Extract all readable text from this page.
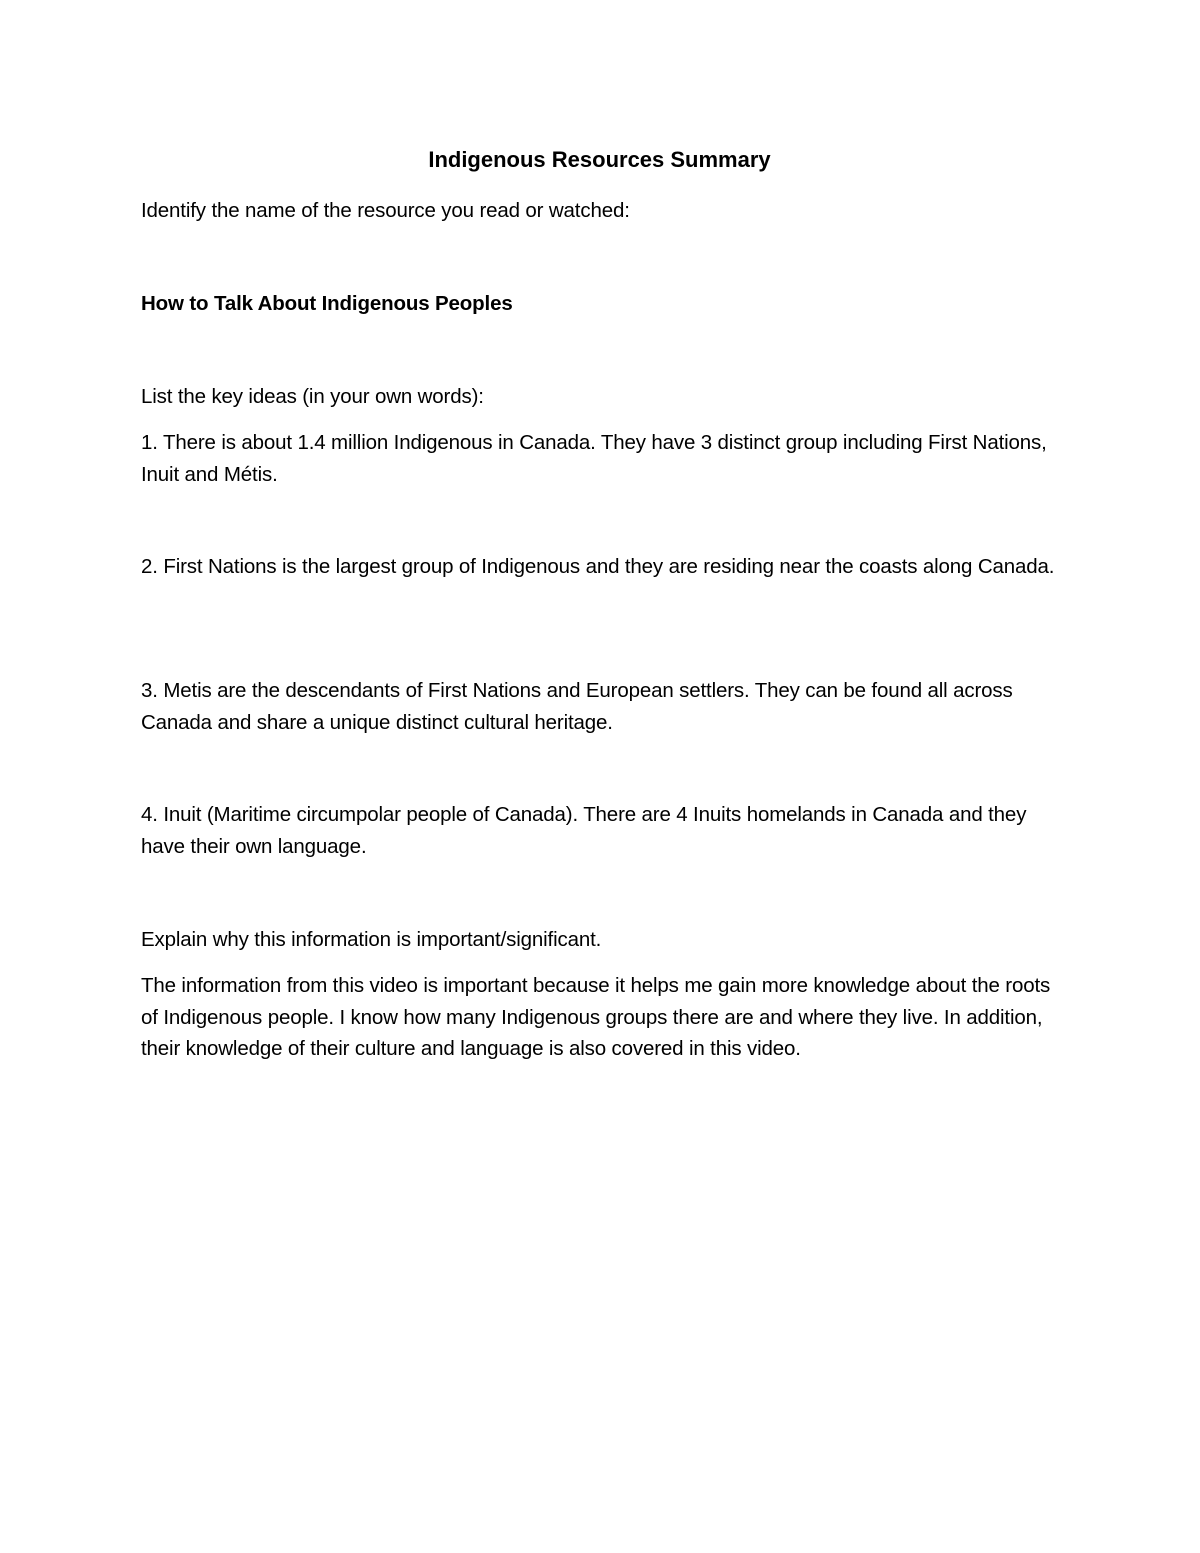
Indigenous Resources Summary

Identify the name of the resource you read or watched:

How to Talk About Indigenous Peoples

List the key ideas (in your own words):

1. There is about 1.4 million Indigenous in Canada. They have 3 distinct group including First Nations, Inuit and Métis.

2. First Nations is the largest group of Indigenous and they are residing near the coasts along Canada.

3. Metis are the descendants of First Nations and European settlers. They can be found all across Canada and share a unique distinct cultural heritage.

4. Inuit (Maritime circumpolar people of Canada). There are 4 Inuits homelands in Canada and they have their own language.

Explain why this information is important/significant.

The information from this video is important because it helps me gain more knowledge about the roots of Indigenous people. I know how many Indigenous groups there are and where they live. In addition, their knowledge of their culture and language is also covered in this video.
